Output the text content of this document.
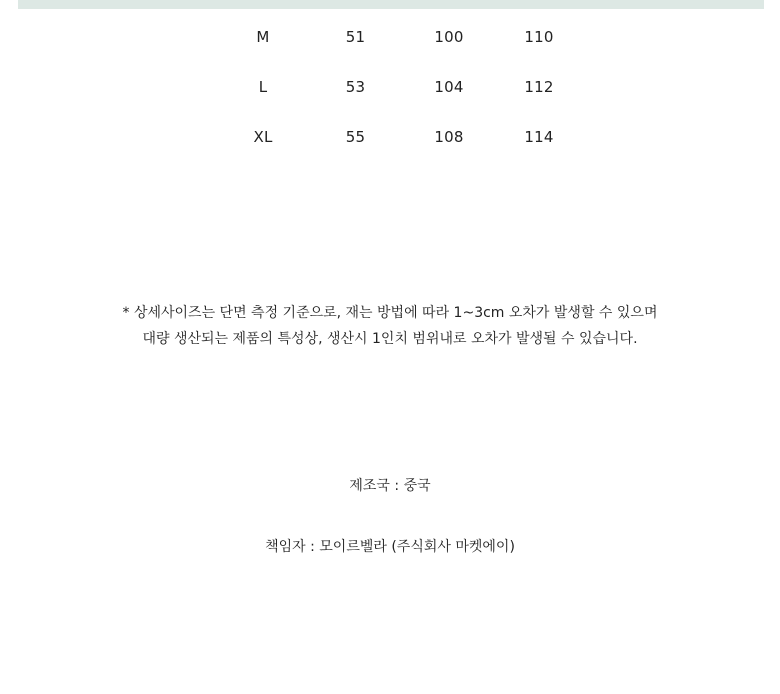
M	51	100	110
L	53	104	112
XL	55	108	114

* 상세사이즈는 단면 측정 기준으로, 재는 방법에 따라 1~3cm 오차가 발생할 수 있으며

대량 생산되는 제품의 특성상, 생산시 1인치 범위내로 오차가 발생될 수 있습니다.

제조국 : 중국
책임자 : 모이르벨라 (주식회사 마켓에이)
